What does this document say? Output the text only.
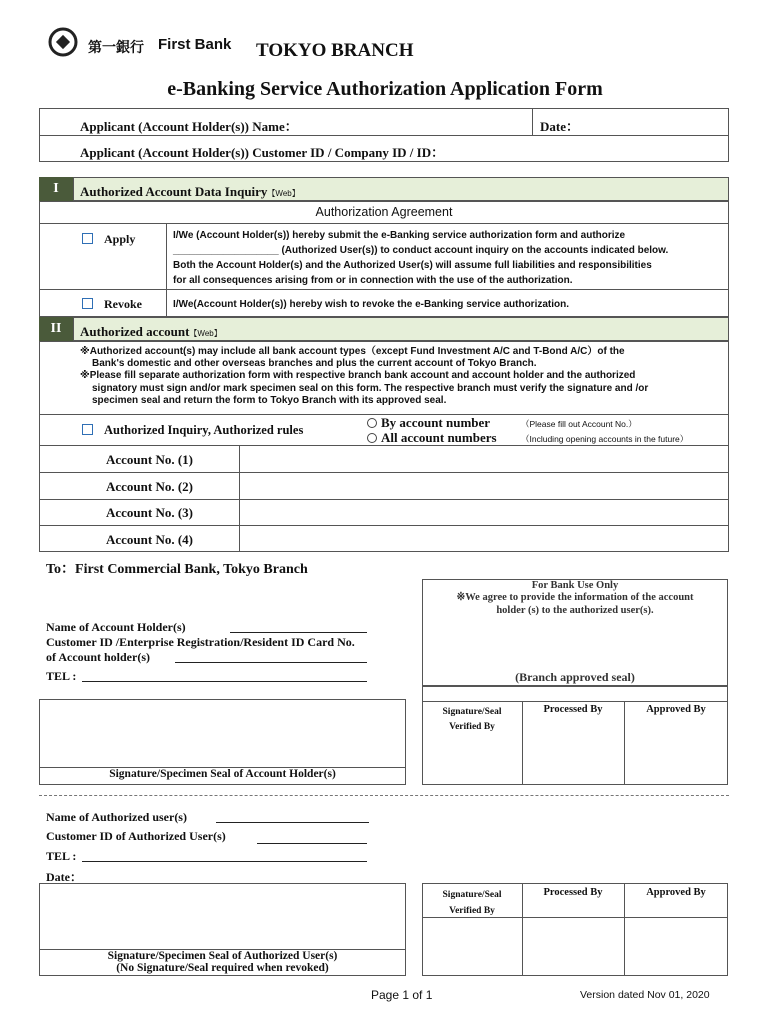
第一銀行 First Bank TOKYO BRANCH
e-Banking Service Authorization Application Form
Applicant (Account Holder(s)) Name：	Date：
Applicant (Account Holder(s)) Customer ID / Company ID / ID：
I	Authorized Account Data Inquiry【Web】
Authorization Agreement
Apply	I/We (Account Holder(s)) hereby submit the e-Banking service authorization form and authorize
___________________ (Authorized User(s)) to conduct account inquiry on the accounts indicated below.
Both the Account Holder(s) and the Authorized User(s) will assume full liabilities and responsibilities
for all consequences arising from or in connection with the use of the authorization.
Revoke	I/We(Account Holder(s)) hereby wish to revoke the e-Banking service authorization.
II	Authorized account【Web】
※Authorized account(s) may include all bank account types（except Fund Investment A/C and T-Bond A/C）of the
Bank's domestic and other overseas branches and plus the current account of Tokyo Branch.
※Please fill separate authorization form with respective branch bank account and account holder and the authorized
signatory must sign and/or mark specimen seal on this form. The respective branch must verify the signature and /or
specimen seal and return the form to Tokyo Branch with its approved seal.
Authorized Inquiry, Authorized rules	By account number	（Please fill out Account No.）
All account numbers	（Including opening accounts in the future）
Account No. (1)
Account No. (2)
Account No. (3)
Account No. (4)
To：First Commercial Bank, Tokyo Branch
Name of Account Holder(s)
Customer ID /Enterprise Registration/Resident ID Card No.
of Account holder(s)
TEL :
Signature/Specimen Seal of Account Holder(s)
For Bank Use Only
※We agree to provide the information of the account
holder (s) to the authorized user(s).
(Branch approved seal)
Signature/Seal
Verified By
Processed By	Approved By
Name of Authorized user(s)
Customer ID of Authorized User(s)
TEL :
Date：
Signature/Specimen Seal of Authorized User(s)
(No Signature/Seal required when revoked)
Signature/Seal
Verified By
Processed By	Approved By
Page 1 of 1	Version dated Nov 01, 2020
